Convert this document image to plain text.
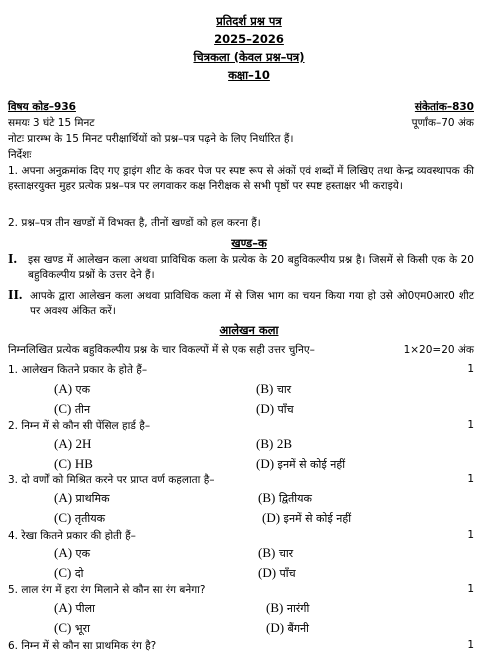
प्रतिदर्श प्रश्न पत्र
2025–2026
चित्रकला (केवल प्रश्न–पत्र)
कक्षा–10
विषय कोड–936	संकेतांक–830
समयः 3 घंटे 15 मिनट	पूर्णांक–70 अंक
नोटः प्रारम्भ के 15 मिनट परीक्षार्थियों को प्रश्न–पत्र पढ़ने के लिए निर्धारित हैं।
निर्देशः
1. अपना अनुक्रमांक दिए गए ड्राइंग शीट के कवर पेज पर स्पष्ट रूप से अंकों एवं शब्दों में लिखिए तथा केन्द्र व्यवस्थापक की हस्ताक्षरयुक्त मुहर प्रत्येक प्रश्न–पत्र पर लगवाकर कक्ष निरीक्षक से सभी पृष्ठों पर स्पष्ट हस्ताक्षर भी कराइये।
2. प्रश्न–पत्र तीन खण्डों में विभक्त है, तीनों खण्डों को हल करना हैं।
खण्ड–क
I. इस खण्ड में आलेखन कला अथवा प्राविधिक कला के प्रत्येक के 20 बहुविकल्पीय प्रश्न है। जिसमें से किसी एक के 20 बहुविकल्पीय प्रश्नों के उत्तर देने हैं।
II. आपके द्वारा आलेखन कला अथवा प्राविधिक कला में से जिस भाग का चयन किया गया हो उसे ओ0एम0आर0 शीट पर अवश्य अंकित करें।
आलेखन कला
निम्नलिखित प्रत्येक बहुविकल्पीय प्रश्न के चार विकल्पों में से एक सही उत्तर चुनिए–	1×20=20 अंक
1. आलेखन कितने प्रकार के होते हैं–	1
(A) एक	(B) चार
(C) तीन	(D) पाँच
2. निम्न में से कौन सी पेंसिल हार्ड है–	1
(A) 2H	(B) 2B
(C) HB	(D) इनमें से कोई नहीं
3. दो वर्णों को मिश्रित करने पर प्राप्त वर्ण कहलाता है–	1
(A) प्राथमिक	(B) द्वितीयक
(C) तृतीयक	(D) इनमें से कोई नहीं
4. रेखा कितने प्रकार की होती हैं–	1
(A) एक	(B) चार
(C) दो	(D) पाँच
5. लाल रंग में हरा रंग मिलाने से कौन सा रंग बनेगा?	1
(A) पीला	(B) नारंगी
(C) भूरा	(D) बैंगनी
6. निम्न में से कौन सा प्राथमिक रंग है?	1
